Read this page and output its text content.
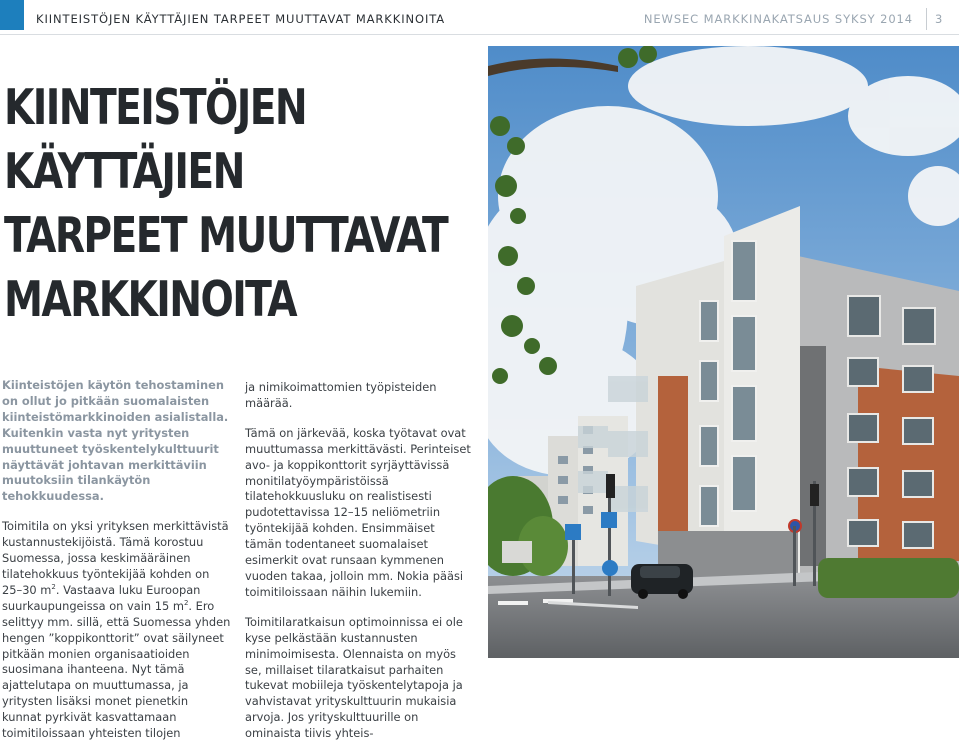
KIINTEISTÖJEN KÄYTTÄJIEN TARPEET MUUTTAVAT MARKKINOITA	NEWSEC MARKKINAKATSAUS SYKSY 2014 3
KIINTEISTÖJEN
KÄYTTÄJIEN
TARPEET MUUTTAVAT
MARKKINOITA

Kiinteistöjen käytön tehostaminen on ollut jo pitkään suomalaisten kiinteistömarkkinoiden asialistalla. Kuitenkin vasta nyt yritysten muuttuneet työskentelykulttuurit näyttävät johtavan merkittäviin muutoksiin tilankäytön tehokkuudessa.

Toimitila on yksi yrityksen merkittävistä kustannustekijöistä. Tämä korostuu Suomessa, jossa keskimääräinen tilatehokkuus työntekijää kohden on 25–30 $m^2$. Vastaava luku Euroopan suurkaupungeissa on vain 15 $m^2$. Ero selittyy mm. sillä, että Suomessa yhden hengen ”koppikonttorit” ovat säilyneet pitkään monien organisaatioiden suosimana ihanteena. Nyt tämä ajattelutapa on muuttumassa, ja yritysten lisäksi monet pienetkin kunnat pyrkivät kasvattamaan toimitiloissaan yhteisten tilojen

ja nimikoimattomien työpisteiden määrää.

Tämä on järkevää, koska työtavat ovat muuttumassa merkittävästi. Perinteiset avo- ja koppikonttorit syrjäyttävissä monitilatyöympäristöissä tilatehokkuusluku on realistisesti pudotettavissa 12–15 neliömetriin työntekijää kohden. Ensimmäiset tämän todentaneet suomalaiset esimerkit ovat runsaan kymmenen vuoden takaa, jolloin mm. Nokia pääsi toimitiloissaan näihin lukemiin.

Toimitilaratkaisun optimoinnissa ei ole kyse pelkästään kustannusten minimoimisesta. Olennaista on myös se, millaiset tilaratkaisut parhaiten tukevat mobiileja työskentelytapoja ja vahvistavat yrityskulttuurin mukaisia arvoja. Jos yrityskulttuurille on ominaista tiivis yhteis-
